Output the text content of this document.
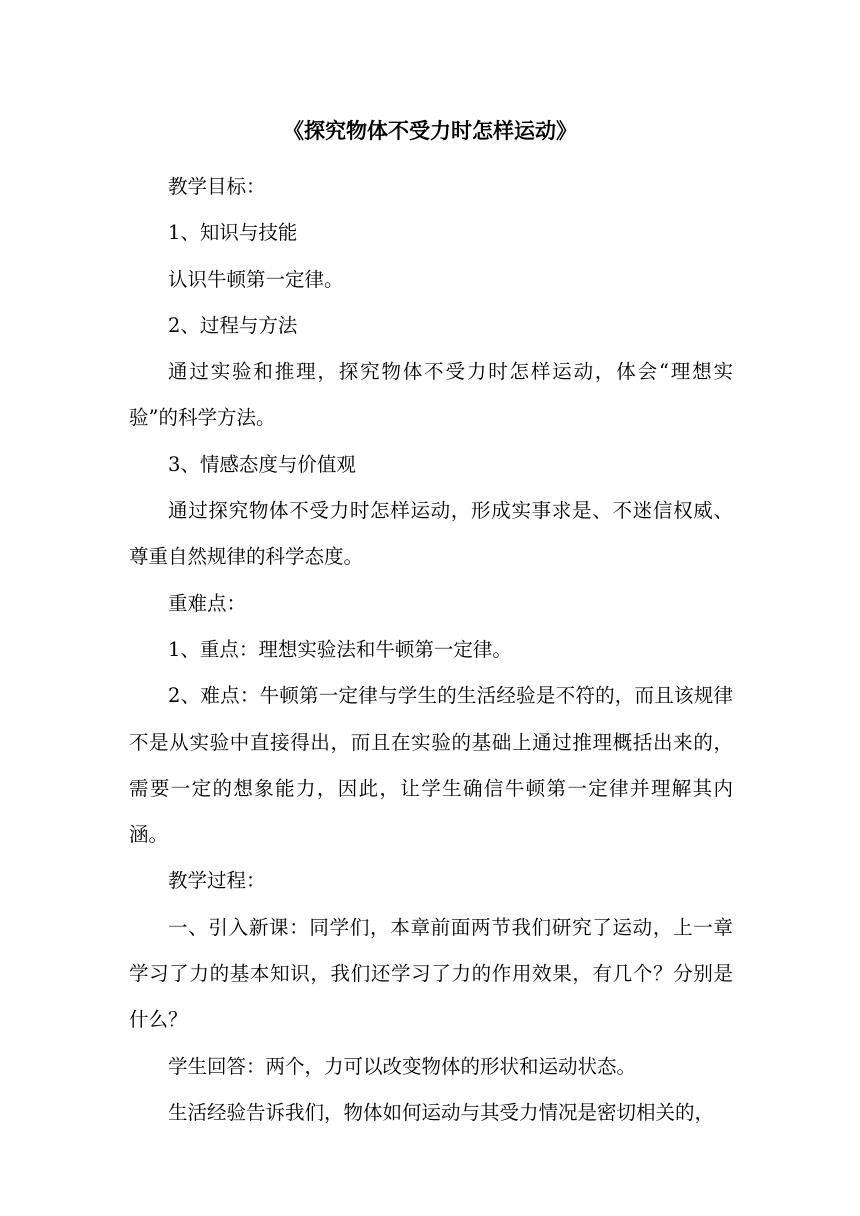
《探究物体不受力时怎样运动》

教学目标：

1、知识与技能

认识牛顿第一定律。

2、过程与方法

通过实验和推理，探究物体不受力时怎样运动，体会“理想实验”的科学方法。

3、情感态度与价值观

通过探究物体不受力时怎样运动，形成实事求是、不迷信权威、尊重自然规律的科学态度。

重难点：

1、重点：理想实验法和牛顿第一定律。

2、难点：牛顿第一定律与学生的生活经验是不符的，而且该规律不是从实验中直接得出，而且在实验的基础上通过推理概括出来的，需要一定的想象能力，因此，让学生确信牛顿第一定律并理解其内涵。

教学过程：

一、引入新课：同学们，本章前面两节我们研究了运动，上一章学习了力的基本知识，我们还学习了力的作用效果，有几个？分别是什么？

学生回答：两个，力可以改变物体的形状和运动状态。

生活经验告诉我们，物体如何运动与其受力情况是密切相关的，
